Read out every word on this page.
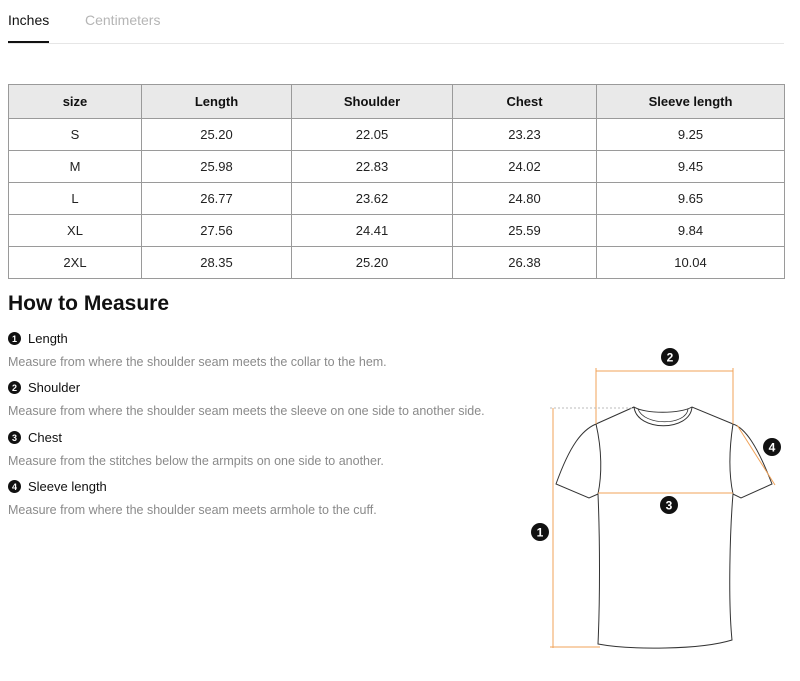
Inches	Centimeters
size	Length	Shoulder	Chest	Sleeve length
S	25.20	22.05	23.23	9.25
M	25.98	22.83	24.02	9.45
L	26.77	23.62	24.80	9.65
XL	27.56	24.41	25.59	9.84
2XL	28.35	25.20	26.38	10.04
How to Measure
1 Length
Measure from where the shoulder seam meets the collar to the hem.
2 Shoulder
Measure from where the shoulder seam meets the sleeve on one side to another side.
3 Chest
Measure from the stitches below the armpits on one side to another.
4 Sleeve length
Measure from where the shoulder seam meets armhole to the cuff.
2
3
1
4
